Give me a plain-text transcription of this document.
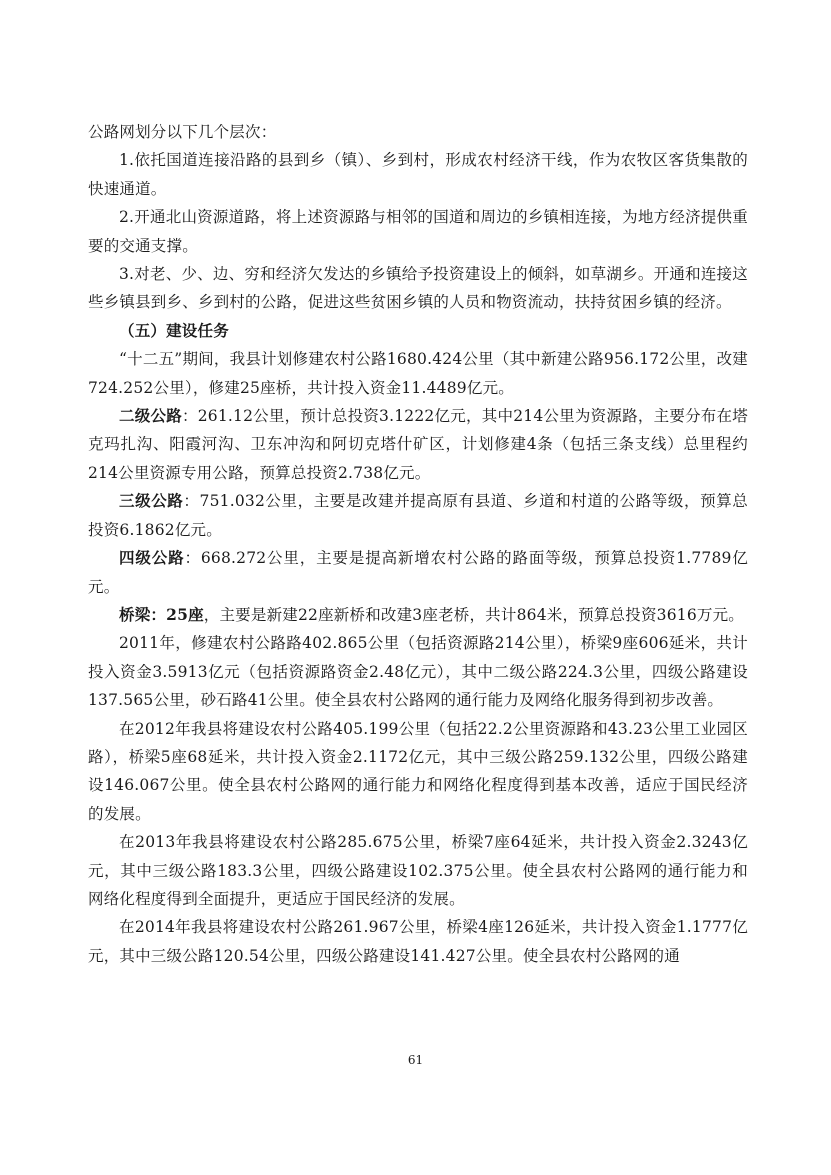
公路网划分以下几个层次：

1.依托国道连接沿路的县到乡（镇）、乡到村，形成农村经济干线，作为农牧区客货集散的快速通道。

2.开通北山资源道路，将上述资源路与相邻的国道和周边的乡镇相连接，为地方经济提供重要的交通支撑。

3.对老、少、边、穷和经济欠发达的乡镇给予投资建设上的倾斜，如草湖乡。开通和连接这些乡镇县到乡、乡到村的公路，促进这些贫困乡镇的人员和物资流动，扶持贫困乡镇的经济。

（五）建设任务

“十二五”期间，我县计划修建农村公路1680.424公里（其中新建公路956.172公里，改建724.252公里），修建25座桥，共计投入资金11.4489亿元。

二级公路：261.12公里，预计总投资3.1222亿元，其中214公里为资源路，主要分布在塔克玛扎沟、阳霞河沟、卫东冲沟和阿切克塔什矿区，计划修建4条（包括三条支线）总里程约214公里资源专用公路，预算总投资2.738亿元。

三级公路：751.032公里，主要是改建并提高原有县道、乡道和村道的公路等级，预算总投资6.1862亿元。

四级公路：668.272公里，主要是提高新增农村公路的路面等级，预算总投资1.7789亿元。

桥梁：25座，主要是新建22座新桥和改建3座老桥，共计864米，预算总投资3616万元。

2011年，修建农村公路路402.865公里（包括资源路214公里），桥梁9座606延米，共计投入资金3.5913亿元（包括资源路资金2.48亿元），其中二级公路224.3公里，四级公路建设137.565公里，砂石路41公里。使全县农村公路网的通行能力及网络化服务得到初步改善。

在2012年我县将建设农村公路405.199公里（包括22.2公里资源路和43.23公里工业园区路），桥梁5座68延米，共计投入资金2.1172亿元，其中三级公路259.132公里，四级公路建设146.067公里。使全县农村公路网的通行能力和网络化程度得到基本改善，适应于国民经济的发展。

在2013年我县将建设农村公路285.675公里，桥梁7座64延米，共计投入资金2.3243亿元，其中三级公路183.3公里，四级公路建设102.375公里。使全县农村公路网的通行能力和网络化程度得到全面提升，更适应于国民经济的发展。

在2014年我县将建设农村公路261.967公里，桥梁4座126延米，共计投入资金1.1777亿元，其中三级公路120.54公里，四级公路建设141.427公里。使全县农村公路网的通

61
